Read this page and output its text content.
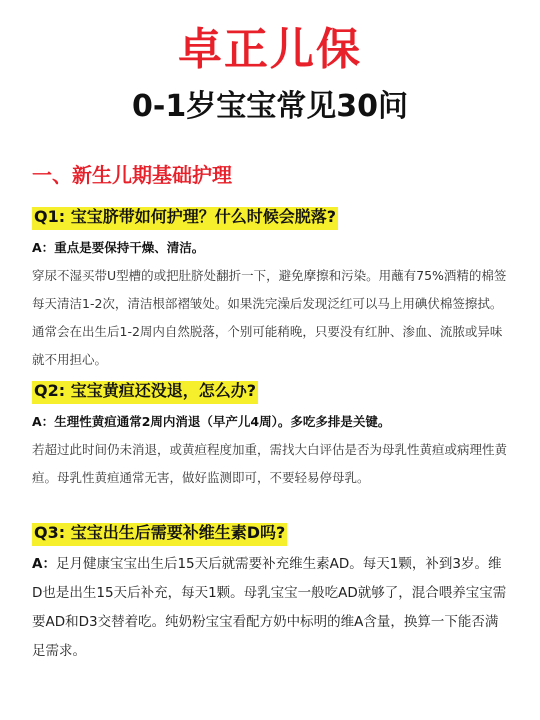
卓正儿保
0-1岁宝宝常见30问
一、新生儿期基础护理
Q1: 宝宝脐带如何护理？什么时候会脱落?
A：重点是要保持干燥、清洁。
穿尿不湿买带U型槽的或把肚脐处翻折一下，避免摩擦和污染。用蘸有75%酒精的棉签每天清洁1-2次，清洁根部褶皱处。如果洗完澡后发现泛红可以马上用碘伏棉签擦拭。通常会在出生后1-2周内自然脱落，个别可能稍晚，只要没有红肿、渗血、流脓或异味就不用担心。
Q2: 宝宝黄疸还没退，怎么办?
A：生理性黄疸通常2周内消退（早产儿4周）。多吃多排是关键。
若超过此时间仍未消退，或黄疸程度加重，需找大白评估是否为母乳性黄疸或病理性黄疸。母乳性黄疸通常无害，做好监测即可，不要轻易停母乳。
Q3: 宝宝出生后需要补维生素D吗?
A：足月健康宝宝出生后15天后就需要补充维生素AD。每天1颗，补到3岁。维D也是出生15天后补充，每天1颗。母乳宝宝一般吃AD就够了，混合喂养宝宝需要AD和D3交替着吃。纯奶粉宝宝看配方奶中标明的维A含量，换算一下能否满足需求。
